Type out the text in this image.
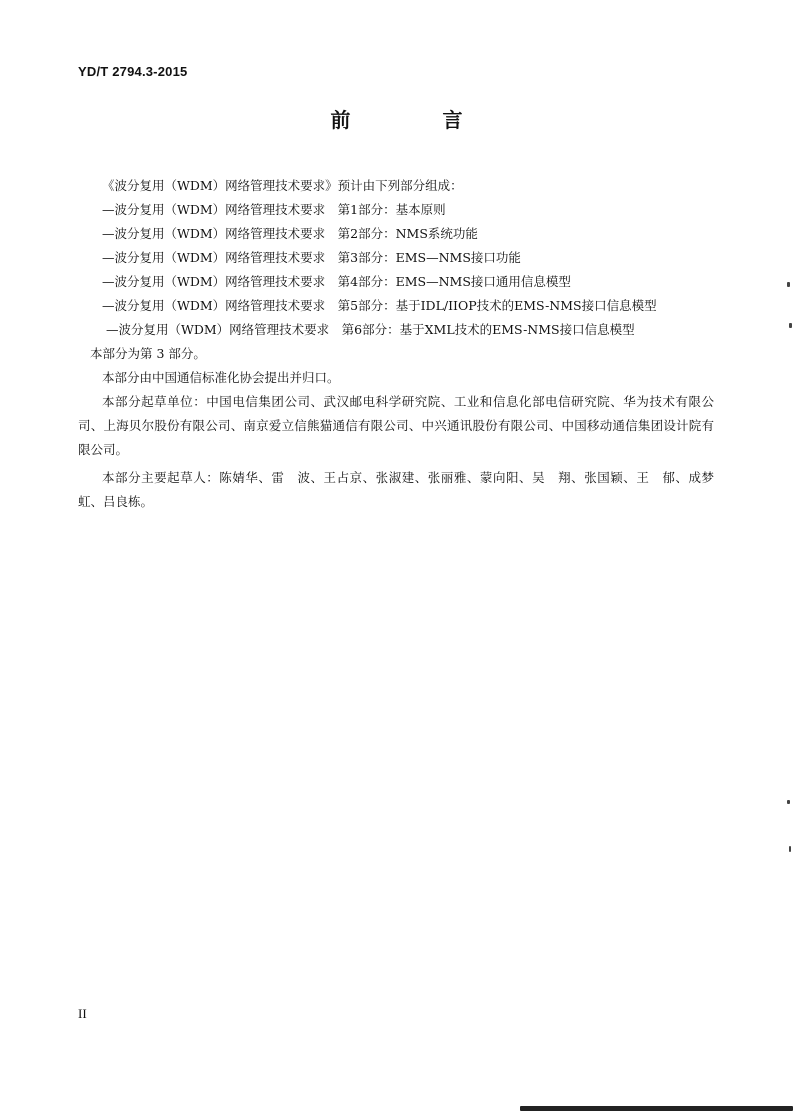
YD/T 2794.3-2015
前　言
《波分复用（WDM）网络管理技术要求》预计由下列部分组成：
—波分复用（WDM）网络管理技术要求　第1部分：基本原则
—波分复用（WDM）网络管理技术要求　第2部分：NMS系统功能
—波分复用（WDM）网络管理技术要求　第3部分：EMS—NMS接口功能
—波分复用（WDM）网络管理技术要求　第4部分：EMS—NMS接口通用信息模型
—波分复用（WDM）网络管理技术要求　第5部分：基于IDL/IIOP技术的EMS-NMS接口信息模型
—波分复用（WDM）网络管理技术要求　第6部分：基于XML技术的EMS-NMS接口信息模型
本部分为第 3 部分。
本部分由中国通信标准化协会提出并归口。
本部分起草单位：中国电信集团公司、武汉邮电科学研究院、工业和信息化部电信研究院、华为技术有限公司、上海贝尔股份有限公司、南京爱立信熊猫通信有限公司、中兴通讯股份有限公司、中国移动通信集团设计院有限公司。
本部分主要起草人：陈婧华、雷　波、王占京、张淑建、张丽雅、蒙向阳、吴　翔、张国颖、王　郁、成梦虹、吕良栋。
II
